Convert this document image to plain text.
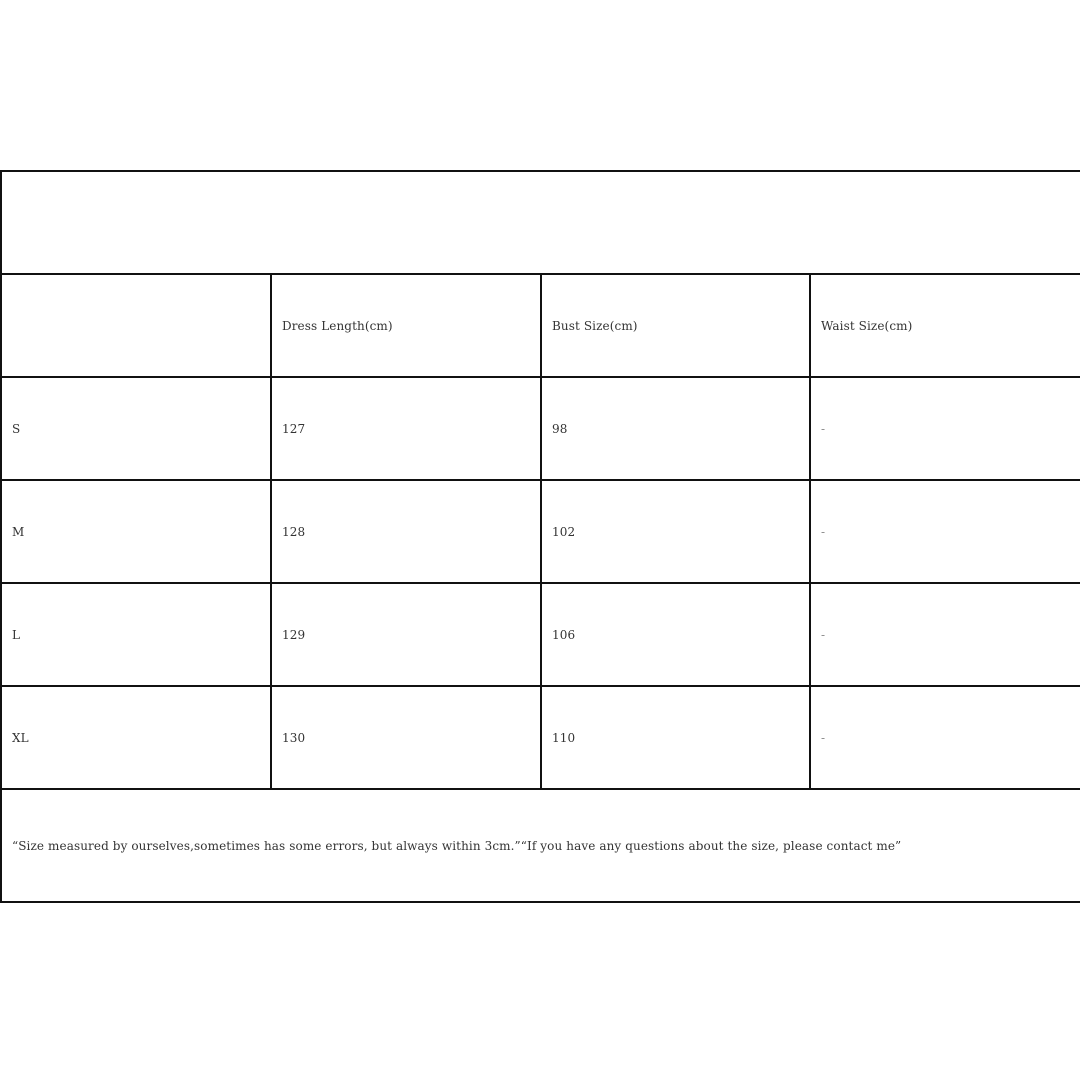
	Dress Length(cm)	Bust Size(cm)	Waist Size(cm)
S	127	98	-
M	128	102	-
L	129	106	-
XL	130	110	-
“Size measured by ourselves,sometimes has some errors, but always within 3cm.”“If you have any questions about the size, please contact me”			
